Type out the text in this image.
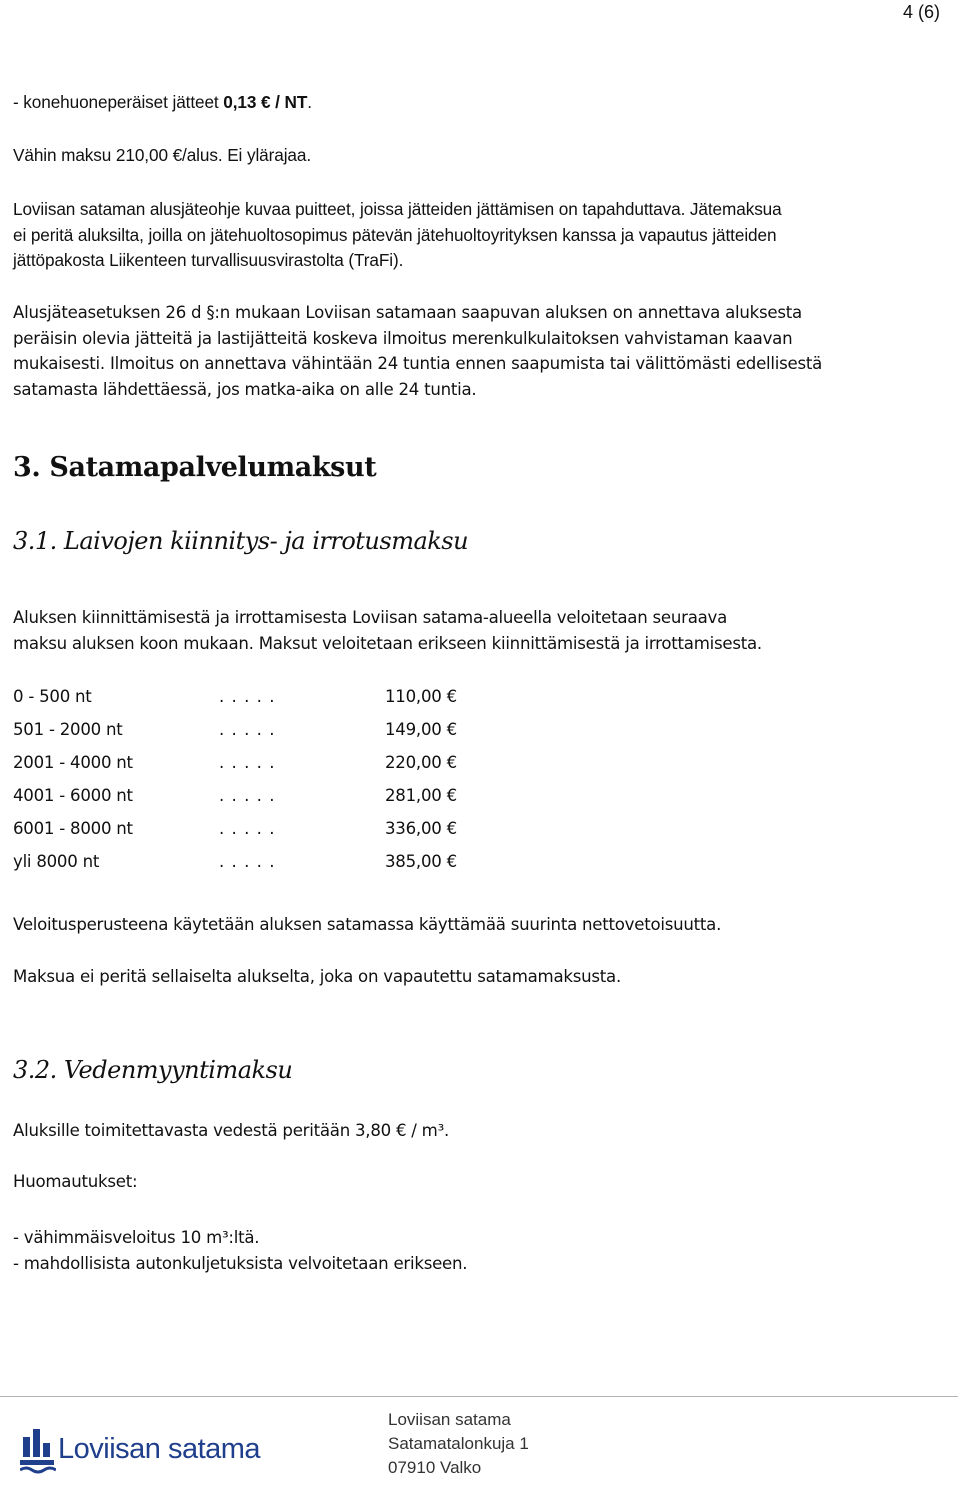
4 (6)

- konehuoneperäiset jätteet 0,13 € / NT.

Vähin maksu 210,00 €/alus. Ei ylärajaa.

Loviisan sataman alusjäteohje kuvaa puitteet, joissa jätteiden jättämisen on tapahduttava. Jätemaksua
ei peritä aluksilta, joilla on jätehuoltosopimus pätevän jätehuoltoyrityksen kanssa ja vapautus jätteiden
jättöpakosta Liikenteen turvallisuusvirastolta (TraFi).
Alusjäteasetuksen 26 d §:n mukaan Loviisan satamaan saapuvan aluksen on annettava aluksesta
peräisin olevia jätteitä ja lastijätteitä koskeva ilmoitus merenkulkulaitoksen vahvistaman kaavan
mukaisesti. Ilmoitus on annettava vähintään 24 tuntia ennen saapumista tai välittömästi edellisestä
satamasta lähdettäessä, jos matka-aika on alle 24 tuntia.
3. Satamapalvelumaksut
3.1. Laivojen kiinnitys- ja irrotusmaksu
Aluksen kiinnittämisestä ja irrottamisesta Loviisan satama-alueella veloitetaan seuraava
maksu aluksen koon mukaan. Maksut veloitetaan erikseen kiinnittämisestä ja irrottamisesta.
0 - 500 nt	. . . . .	110,00 €
501 - 2000 nt	. . . . .	149,00 €
2001 - 4000 nt	. . . . .	220,00 €
4001 - 6000 nt	. . . . .	281,00 €
6001 - 8000 nt	. . . . .	336,00 €
yli 8000 nt	. . . . .	385,00 €

Veloitusperusteena käytetään aluksen satamassa käyttämää suurinta nettovetoisuutta.

Maksua ei peritä sellaiselta alukselta, joka on vapautettu satamamaksusta.

3.2. Vedenmyyntimaksu

Aluksille toimitettavasta vedestä peritään 3,80 € / m³.

Huomautukset:

- vähimmäisveloitus 10 m³:ltä.
- mahdollisista autonkuljetuksista velvoitetaan erikseen.
Loviisan satama
Loviisan satama
Satamatalonkuja 1
07910 Valko
